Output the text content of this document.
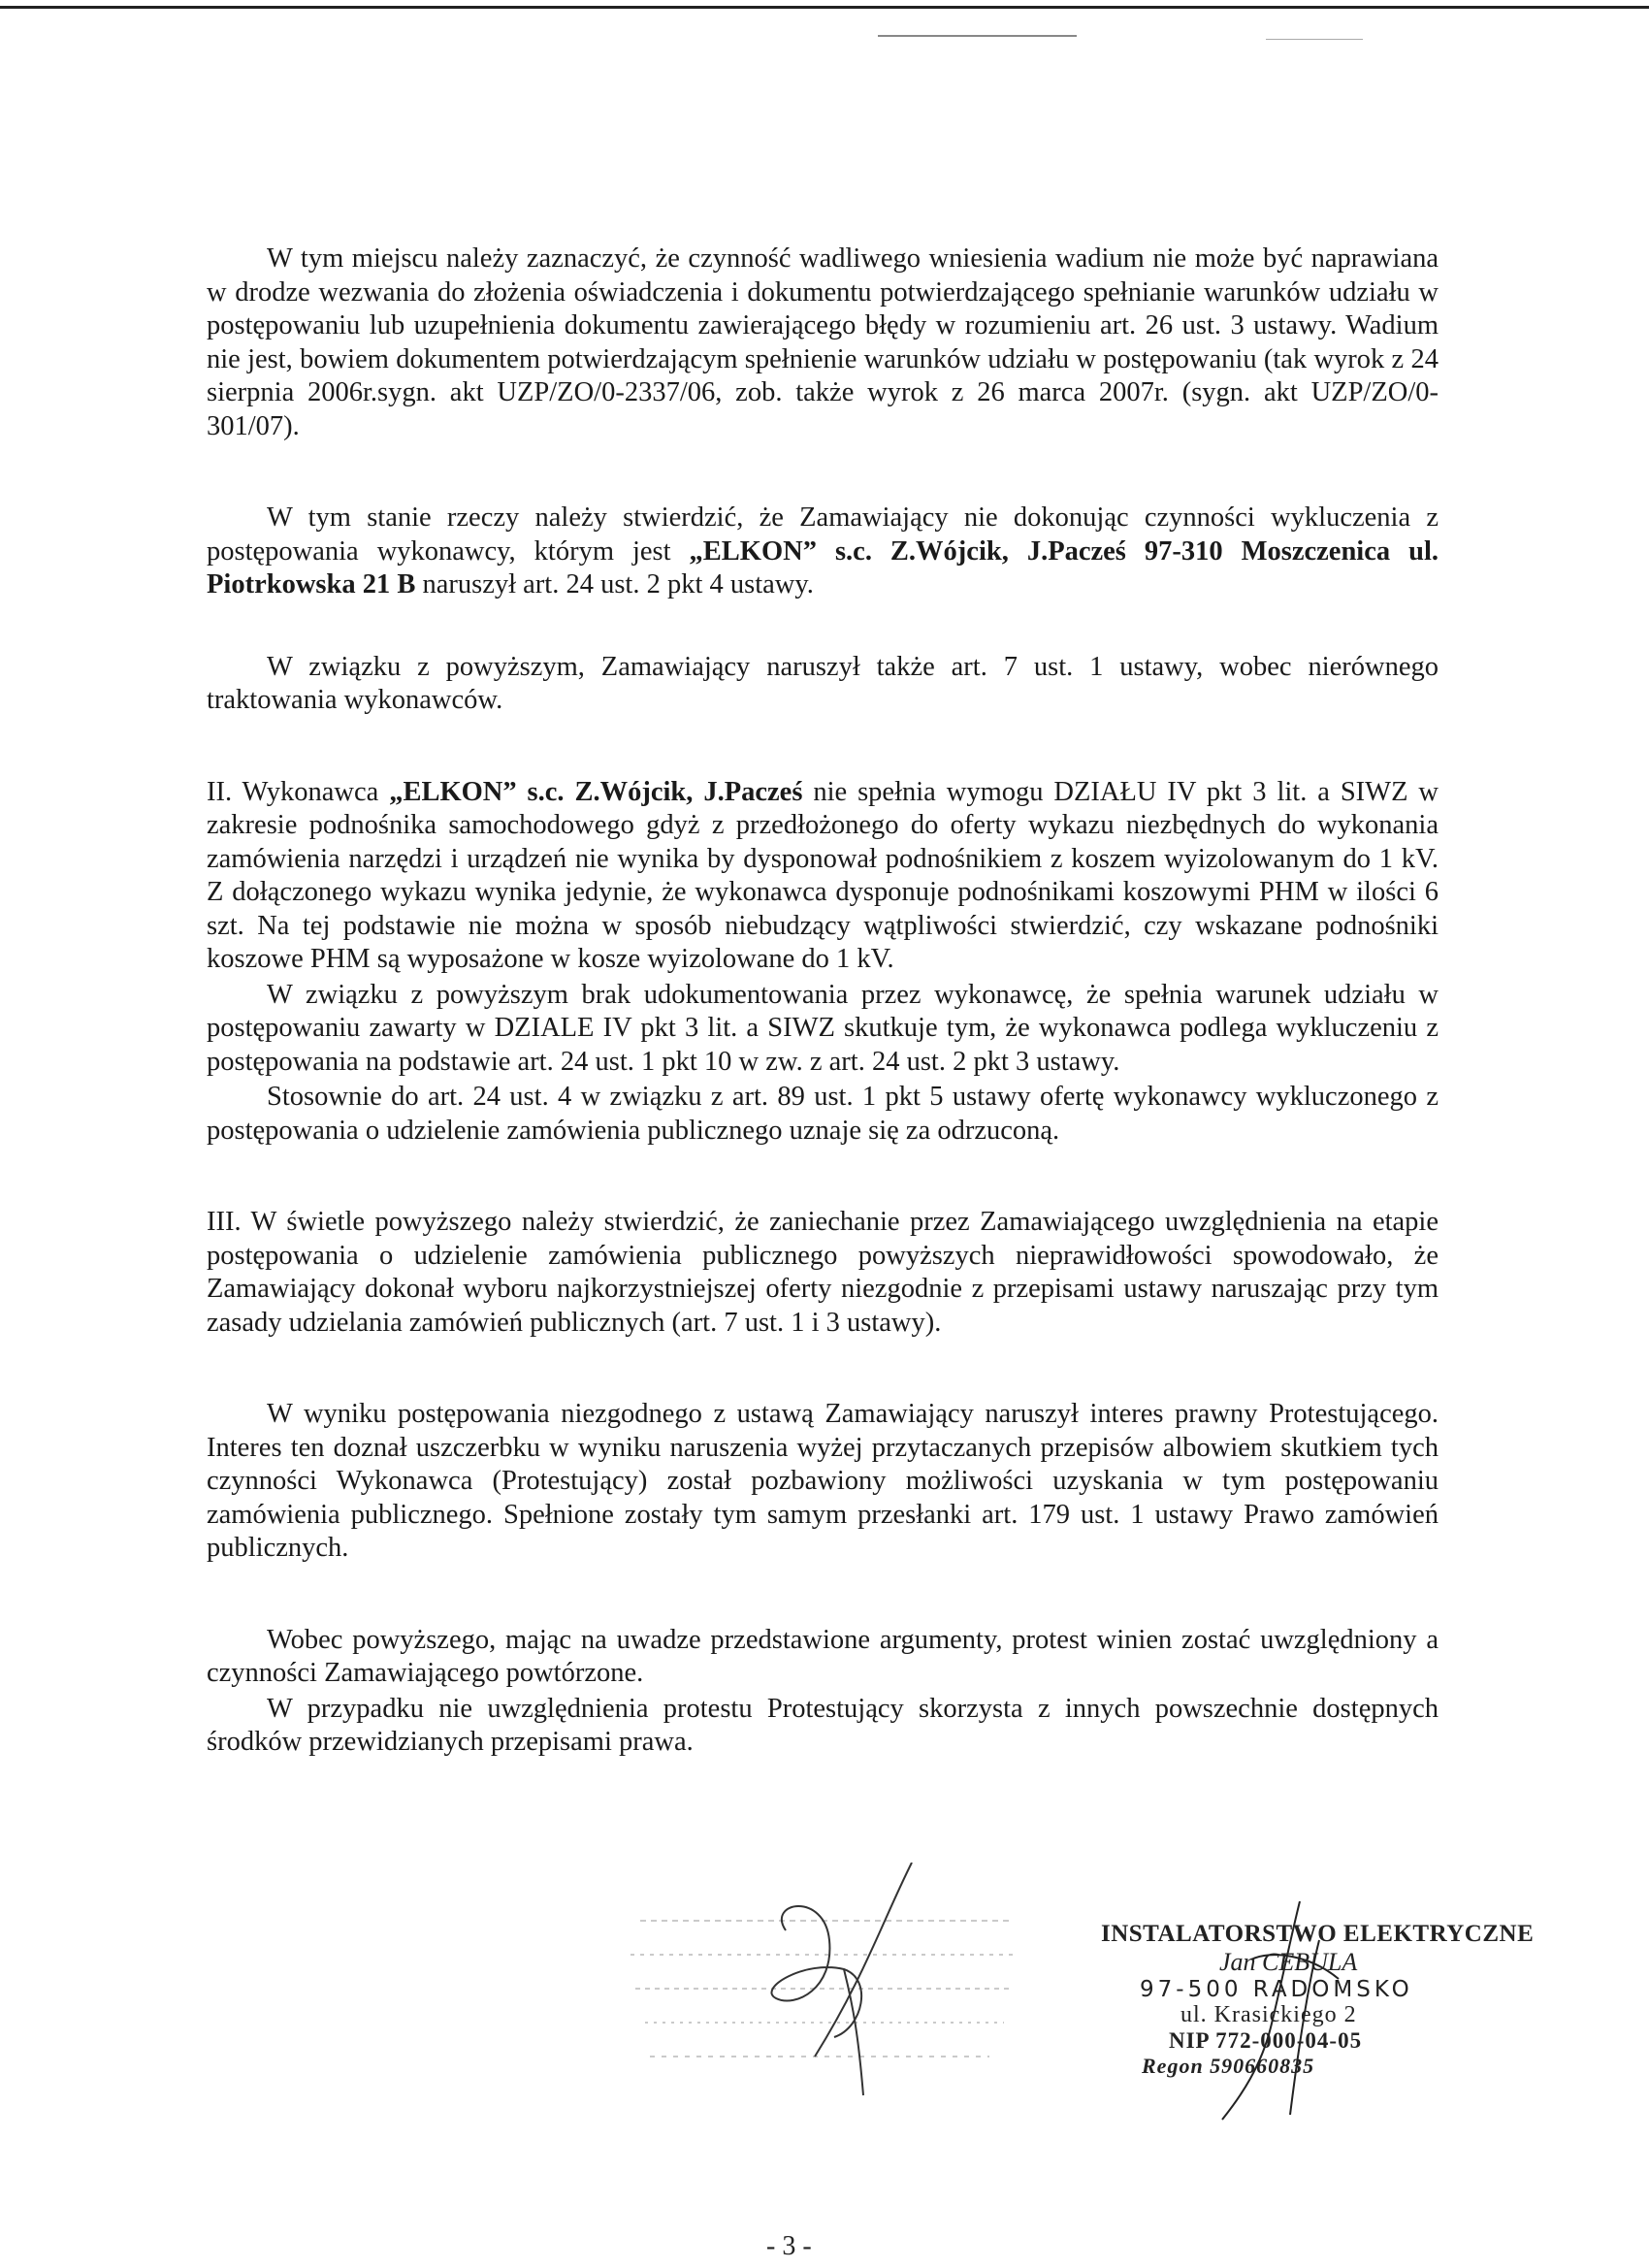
W tym miejscu należy zaznaczyć, że czynność wadliwego wniesienia wadium nie może być naprawiana w drodze wezwania do złożenia oświadczenia i dokumentu potwierdzającego spełnianie warunków udziału w postępowaniu lub uzupełnienia dokumentu zawierającego błędy w rozumieniu art. 26 ust. 3 ustawy. Wadium nie jest, bowiem dokumentem potwierdzającym spełnienie warunków udziału w postępowaniu (tak wyrok z 24 sierpnia 2006r.sygn. akt UZP/ZO/0-2337/06, zob. także wyrok z 26 marca 2007r. (sygn. akt UZP/ZO/0-301/07).

W tym stanie rzeczy należy stwierdzić, że Zamawiający nie dokonując czynności wykluczenia z postępowania wykonawcy, którym jest „ELKON” s.c. Z.Wójcik, J.Pacześ 97-310 Moszczenica ul. Piotrkowska 21 B naruszył art. 24 ust. 2 pkt 4 ustawy.

W związku z powyższym, Zamawiający naruszył także art. 7 ust. 1 ustawy, wobec nierównego traktowania wykonawców.

II. Wykonawca „ELKON” s.c. Z.Wójcik, J.Pacześ nie spełnia wymogu DZIAŁU IV pkt 3 lit. a SIWZ w zakresie podnośnika samochodowego gdyż z przedłożonego do oferty wykazu niezbędnych do wykonania zamówienia narzędzi i urządzeń nie wynika by dysponował podnośnikiem z koszem wyizolowanym do 1 kV. Z dołączonego wykazu wynika jedynie, że wykonawca dysponuje podnośnikami koszowymi PHM w ilości 6 szt. Na tej podstawie nie można w sposób niebudzący wątpliwości stwierdzić, czy wskazane podnośniki koszowe PHM są wyposażone w kosze wyizolowane do 1 kV.

W związku z powyższym brak udokumentowania przez wykonawcę, że spełnia warunek udziału w postępowaniu zawarty w DZIALE IV pkt 3 lit. a SIWZ skutkuje tym, że wykonawca podlega wykluczeniu z postępowania na podstawie art. 24 ust. 1 pkt 10 w zw. z art. 24 ust. 2 pkt 3 ustawy.

Stosownie do art. 24 ust. 4 w związku z art. 89 ust. 1 pkt 5 ustawy ofertę wykonawcy wykluczonego z postępowania o udzielenie zamówienia publicznego uznaje się za odrzuconą.

III. W świetle powyższego należy stwierdzić, że zaniechanie przez Zamawiającego uwzględnienia na etapie postępowania o udzielenie zamówienia publicznego powyższych nieprawidłowości spowodowało, że Zamawiający dokonał wyboru najkorzystniejszej oferty niezgodnie z przepisami ustawy naruszając przy tym zasady udzielania zamówień publicznych (art. 7 ust. 1 i 3 ustawy).

W wyniku postępowania niezgodnego z ustawą Zamawiający naruszył interes prawny Protestującego. Interes ten doznał uszczerbku w wyniku naruszenia wyżej przytaczanych przepisów albowiem skutkiem tych czynności Wykonawca (Protestujący) został pozbawiony możliwości uzyskania w tym postępowaniu zamówienia publicznego. Spełnione zostały tym samym przesłanki art. 179 ust. 1 ustawy Prawo zamówień publicznych.

Wobec powyższego, mając na uwadze przedstawione argumenty, protest winien zostać uwzględniony a czynności Zamawiającego powtórzone.

W przypadku nie uwzględnienia protestu Protestujący skorzysta z innych powszechnie dostępnych środków przewidzianych przepisami prawa.

INSTALATORSTWO ELEKTRYCZNE
Jan CEBULA
97-500 RADOMSKO
ul. Krasickiego 2
NIP 772-000-04-05
Regon 590660835
- 3 -
